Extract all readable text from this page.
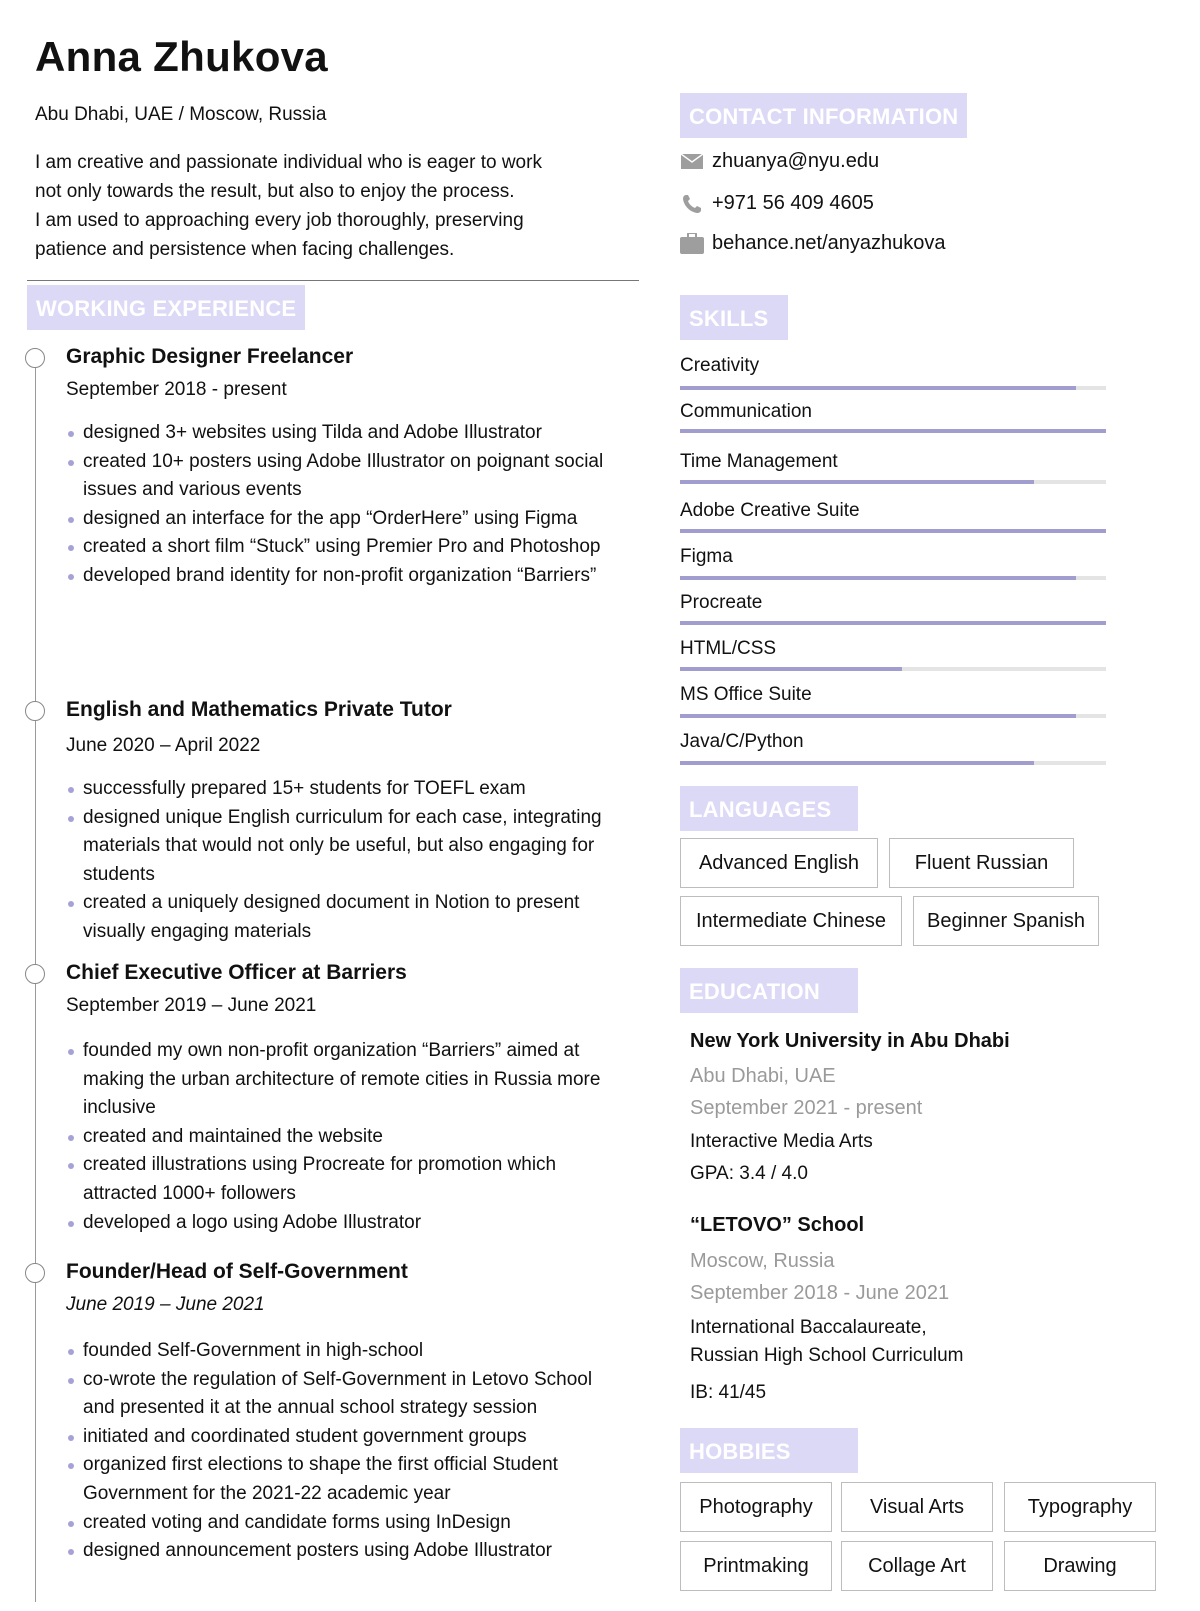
Anna Zhukova
Abu Dhabi, UAE / Moscow, Russia

I am creative and passionate individual who is eager to work

not only towards the result, but also to enjoy the process.

I am used to approaching every job thoroughly, preserving

patience and persistence when facing challenges.

WORKING EXPERIENCE
Graphic Designer Freelancer
September 2018 - present
designed 3+ websites using Tilda and Adobe Illustrator
created 10+ posters using Adobe Illustrator on poignant social issues and various events
designed an interface for the app “OrderHere” using Figma
created a short film “Stuck” using Premier Pro and Photoshop
developed brand identity for non-profit organization “Barriers”
English and Mathematics Private Tutor
June 2020 – April 2022
successfully prepared 15+ students for TOEFL exam
designed unique English curriculum for each case, integrating materials that would not only be useful, but also engaging for students
created a uniquely designed document in Notion to present visually engaging materials
Chief Executive Officer at Barriers
September 2019 – June 2021
founded my own non-profit organization “Barriers” aimed at making the urban architecture of remote cities in Russia more inclusive
created and maintained the website
created illustrations using Procreate for promotion which attracted 1000+ followers
developed a logo using Adobe Illustrator
Founder/Head of Self-Government
June 2019 – June 2021
founded Self-Government in high-school
co-wrote the regulation of Self-Government in Letovo School and presented it at the annual school strategy session
initiated and coordinated student government groups
organized first elections to shape the first official Student Government for the 2021-22 academic year
created voting and candidate forms using InDesign
designed announcement posters using Adobe Illustrator
CONTACT INFORMATION
zhuanya@nyu.edu
+971 56 409 4605
behance.net/anyazhukova
SKILLS
Creativity
Communication
Time Management
Adobe Creative Suite
Figma
Procreate
HTML/CSS
MS Office Suite
Java/C/Python
LANGUAGES
Advanced English	Fluent Russian
Intermediate Chinese	Beginner Spanish
EDUCATION
New York University in Abu Dhabi
Abu Dhabi, UAE
September 2021 - present
Interactive Media Arts
GPA: 3.4 / 4.0
“LETOVO” School
Moscow, Russia
September 2018 - June 2021
International Baccalaureate,
Russian High School Curriculum
IB: 41/45
HOBBIES
Photography	Visual Arts	Typography
Printmaking	Collage Art	Drawing
